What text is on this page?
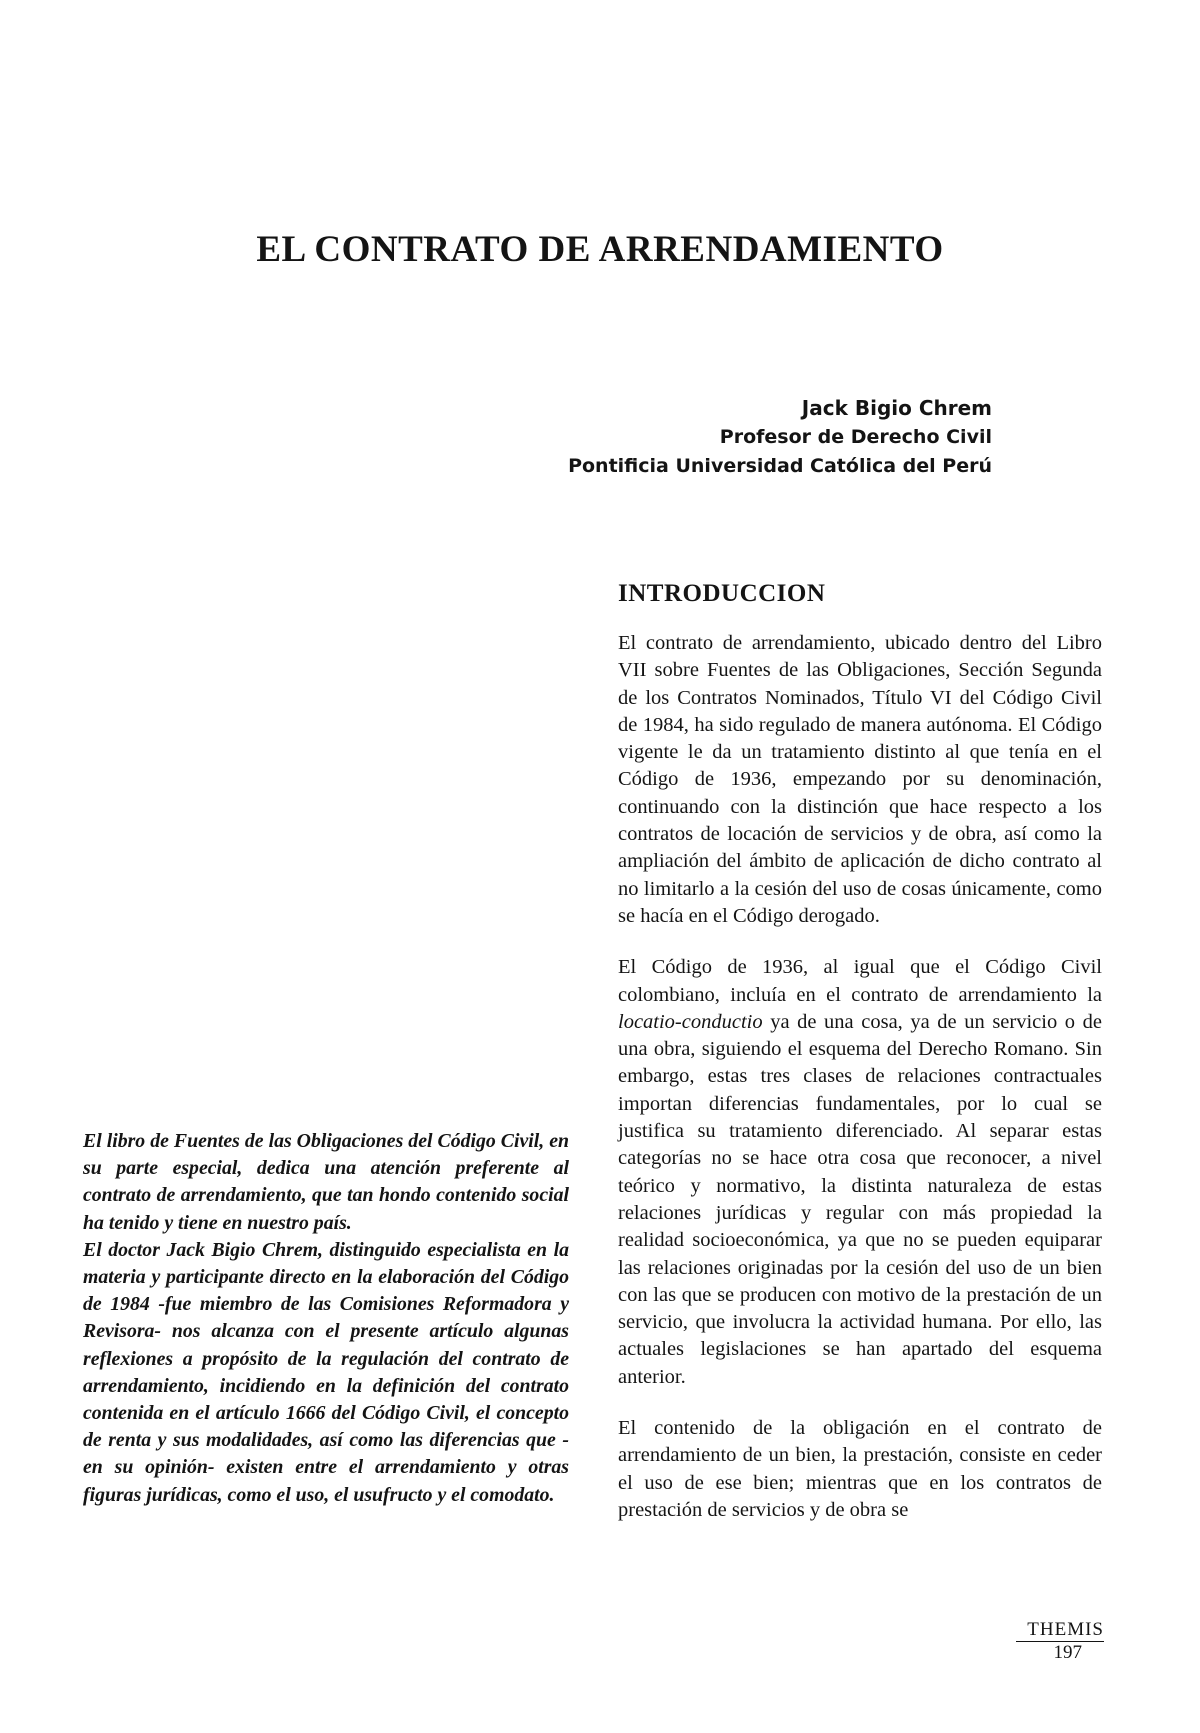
EL CONTRATO DE ARRENDAMIENTO
Jack Bigio Chrem
Profesor de Derecho Civil
Pontificia Universidad Católica del Perú
INTRODUCCION

El contrato de arrendamiento, ubicado dentro del Libro VII sobre Fuentes de las Obligaciones, Sección Segunda de los Contratos Nominados, Título VI del Código Civil de 1984, ha sido regulado de manera autónoma. El Código vigente le da un tratamiento distinto al que tenía en el Código de 1936, empezando por su denominación, continuando con la distinción que hace respecto a los contratos de locación de servicios y de obra, así como la ampliación del ámbito de aplicación de dicho contrato al no limitarlo a la cesión del uso de cosas únicamente, como se hacía en el Código derogado.

El Código de 1936, al igual que el Código Civil colombiano, incluía en el contrato de arrendamiento la locatio-conductio ya de una cosa, ya de un servicio o de una obra, siguiendo el esquema del Derecho Romano. Sin embargo, estas tres clases de relaciones contractuales importan diferencias fundamentales, por lo cual se justifica su tratamiento diferenciado. Al separar estas categorías no se hace otra cosa que reconocer, a nivel teórico y normativo, la distinta naturaleza de estas relaciones jurídicas y regular con más propiedad la realidad socioeconómica, ya que no se pueden equiparar las relaciones originadas por la cesión del uso de un bien con las que se producen con motivo de la prestación de un servicio, que involucra la actividad humana. Por ello, las actuales legislaciones se han apartado del esquema anterior.

El contenido de la obligación en el contrato de arrendamiento de un bien, la prestación, consiste en ceder el uso de ese bien; mientras que en los contratos de prestación de servicios y de obra se

El libro de Fuentes de las Obligaciones del Código Civil, en su parte especial, dedica una atención preferente al contrato de arrendamiento, que tan hondo contenido social ha tenido y tiene en nuestro país.

El doctor Jack Bigio Chrem, distinguido especialista en la materia y participante directo en la elaboración del Código de 1984 -fue miembro de las Comisiones Reformadora y Revisora- nos alcanza con el presente artículo algunas reflexiones a propósito de la regulación del contrato de arrendamiento, incidiendo en la definición del contrato contenida en el artículo 1666 del Código Civil, el concepto de renta y sus modalidades, así como las diferencias que -en su opinión- existen entre el arrendamiento y otras figuras jurídicas, como el uso, el usufructo y el comodato.

THEMIS
197
